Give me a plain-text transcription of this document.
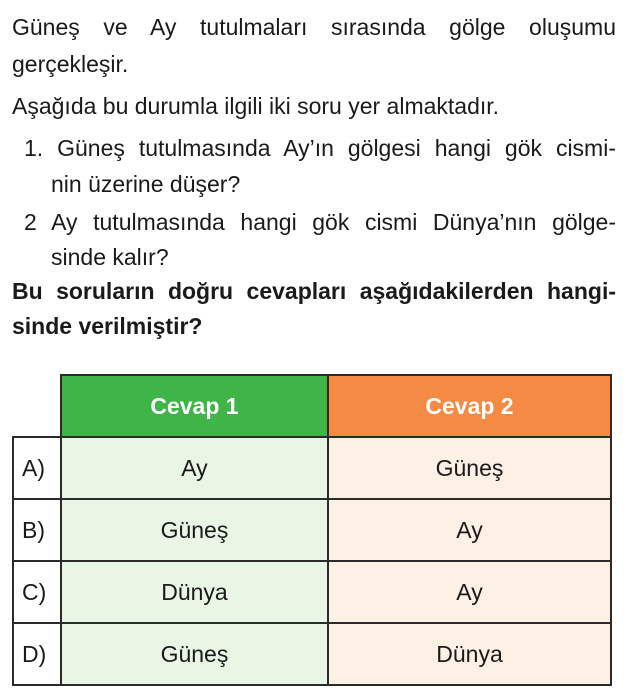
Güneş ve Ay tutulmaları sırasında gölge oluşumu
gerçekleşir.
Aşağıda bu durumla ilgili iki soru yer almaktadır.
1. Güneş tutulmasında Ay’ın gölgesi hangi gök cismi-
nin üzerine düşer?
2 Ay tutulmasında hangi gök cismi Dünya’nın gölge-
sinde kalır?
Bu soruların doğru cevapları aşağıdakilerden hangi-
sinde verilmiştir?
	Cevap 1	Cevap 2
A)	Ay	Güneş
B)	Güneş	Ay
C)	Dünya	Ay
D)	Güneş	Dünya
